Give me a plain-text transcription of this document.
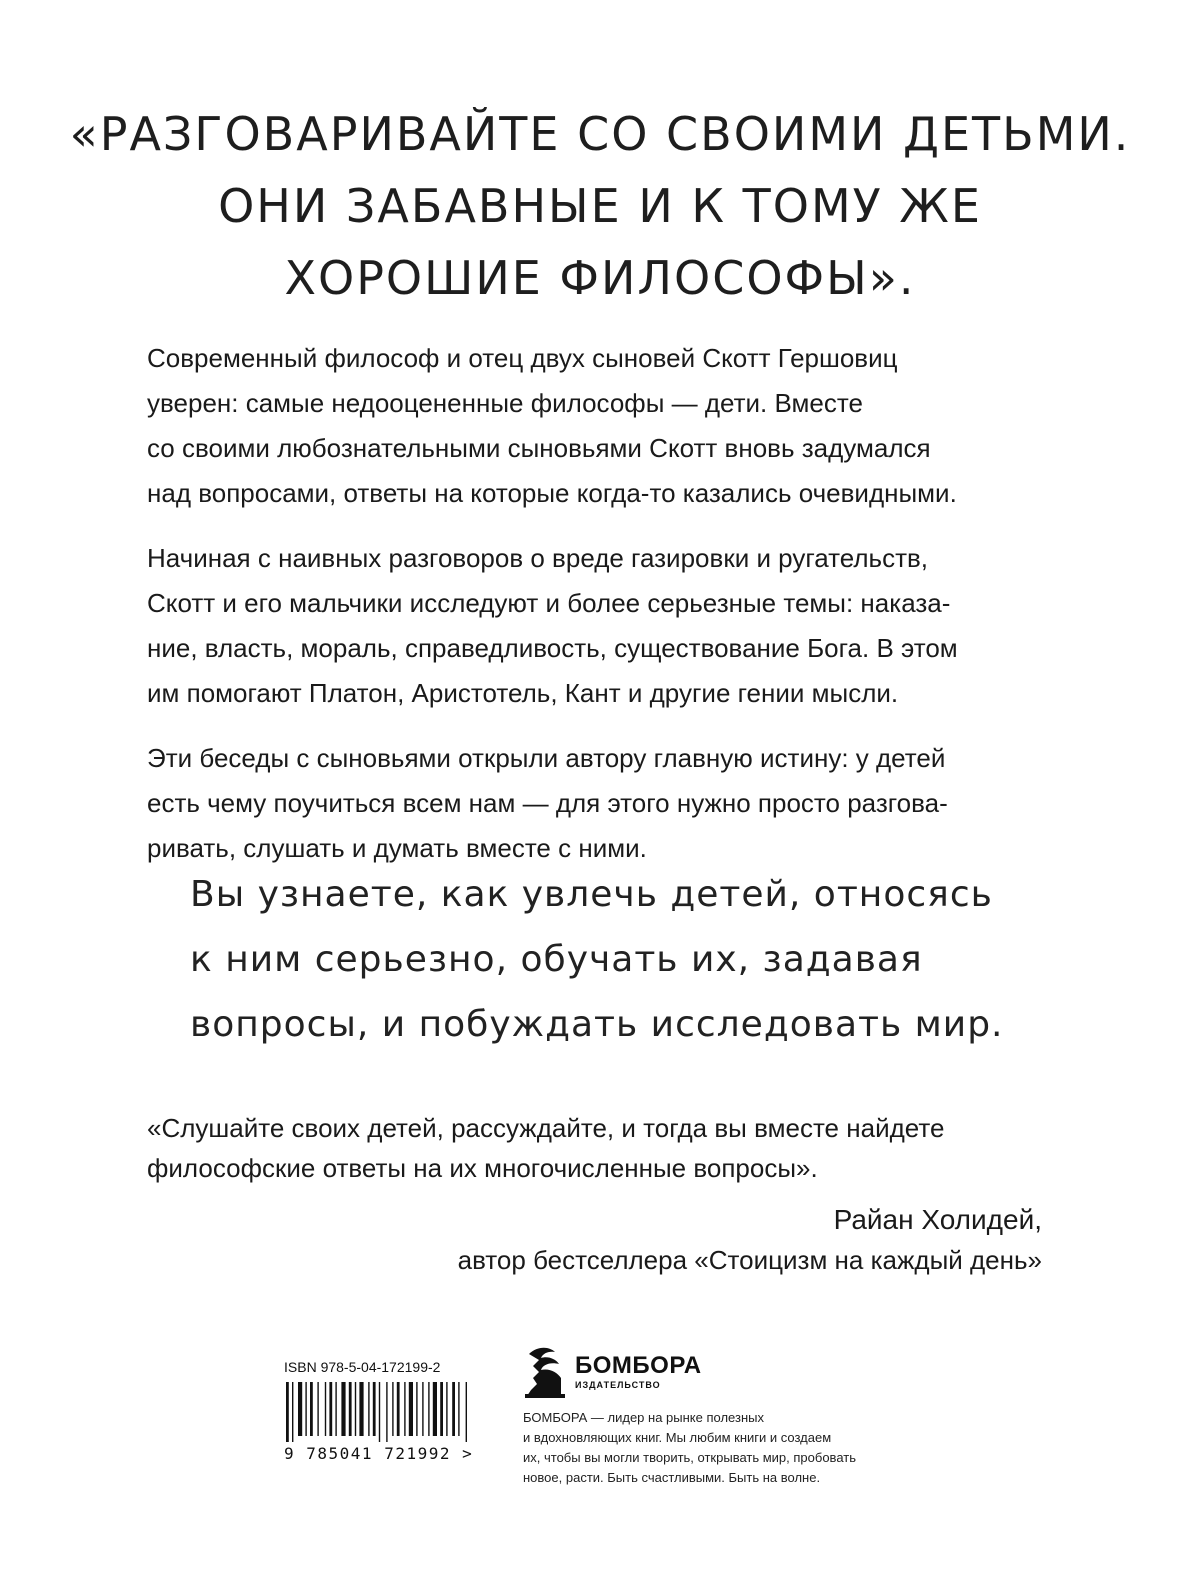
«РАЗГОВАРИВАЙТЕ СО СВОИМИ ДЕТЬМИ.
ОНИ ЗАБАВНЫЕ И К ТОМУ ЖЕ
ХОРОШИЕ ФИЛОСОФЫ».
Современный философ и отец двух сыновей Скотт Гершовиц
уверен: самые недооцененные философы — дети. Вместе
со своими любознательными сыновьями Скотт вновь задумался
над вопросами, ответы на которые когда-то казались очевидными.
Начиная с наивных разговоров о вреде газировки и ругательств,
Скотт и его мальчики исследуют и более серьезные темы: наказа-
ние, власть, мораль, справедливость, существование Бога. В этом
им помогают Платон, Аристотель, Кант и другие гении мысли.
Эти беседы с сыновьями открыли автору главную истину: у детей
есть чему поучиться всем нам — для этого нужно просто разгова-
ривать, слушать и думать вместе с ними.
Вы узнаете, как увлечь детей, относясь
к ним серьезно, обучать их, задавая
вопросы, и побуждать исследовать мир.
«Слушайте своих детей, рассуждайте, и тогда вы вместе найдете
философские ответы на их многочисленные вопросы».
Райан Холидей,
автор бестселлера «Стоицизм на каждый день»
ISBN 978-5-04-172199-2
9 785041 721992 >
БОМБОРА
ИЗДАТЕЛЬСТВО
БОМБОРА — лидер на рынке полезных
и вдохновляющих книг. Мы любим книги и создаем
их, чтобы вы могли творить, открывать мир, пробовать
новое, расти. Быть счастливыми. Быть на волне.
